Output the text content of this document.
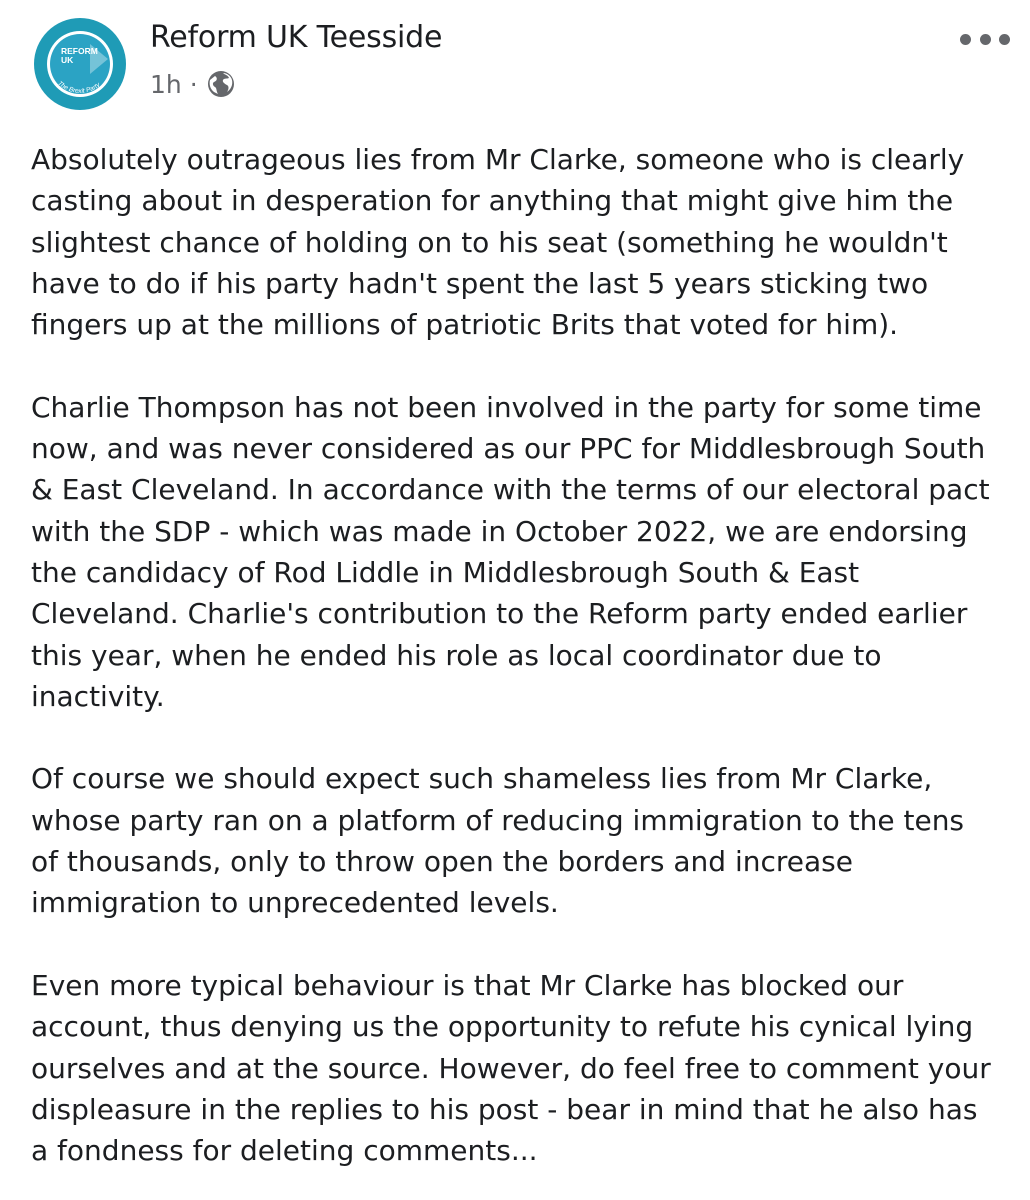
REFORM
UK
The Brexit Party
Reform UK Teesside
1h ·

Absolutely outrageous lies from Mr Clarke, someone who is clearly
casting about in desperation for anything that might give him the
slightest chance of holding on to his seat (something he wouldn't
have to do if his party hadn't spent the last 5 years sticking two
fingers up at the millions of patriotic Brits that voted for him).

Charlie Thompson has not been involved in the party for some time
now, and was never considered as our PPC for Middlesbrough South
& East Cleveland. In accordance with the terms of our electoral pact
with the SDP - which was made in October 2022, we are endorsing
the candidacy of Rod Liddle in Middlesbrough South & East
Cleveland. Charlie's contribution to the Reform party ended earlier
this year, when he ended his role as local coordinator due to
inactivity.

Of course we should expect such shameless lies from Mr Clarke,
whose party ran on a platform of reducing immigration to the tens
of thousands, only to throw open the borders and increase
immigration to unprecedented levels.

Even more typical behaviour is that Mr Clarke has blocked our
account, thus denying us the opportunity to refute his cynical lying
ourselves and at the source. However, do feel free to comment your
displeasure in the replies to his post - bear in mind that he also has
a fondness for deleting comments...
